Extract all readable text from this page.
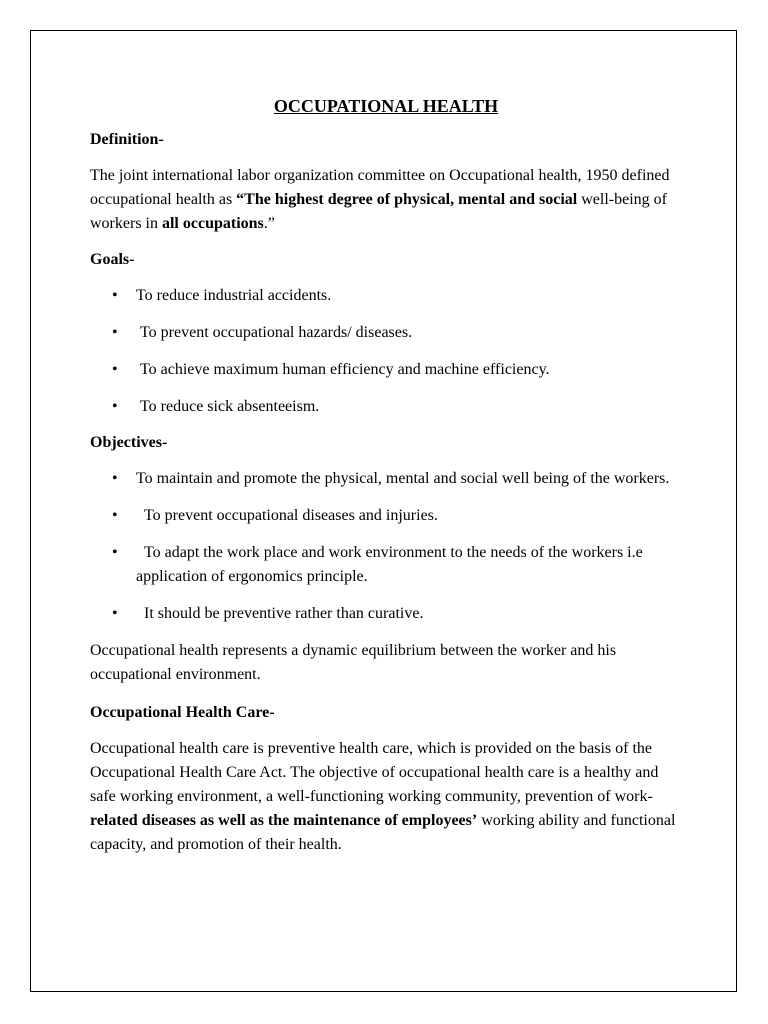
OCCUPATIONAL HEALTH
Definition-

The joint international labor organization committee on Occupational health, 1950 defined occupational health as “The highest degree of physical, mental and social well-being of workers in all occupations.”

Goals-
• To reduce industrial accidents.
• To prevent occupational hazards/ diseases.
• To achieve maximum human efficiency and machine efficiency.
• To reduce sick absenteeism.
Objectives-
• To maintain and promote the physical, mental and social well being of the workers.
• To prevent occupational diseases and injuries.
•	To adapt the work place and work environment to the needs of the workers i.e application of ergonomics principle.
• It should be preventive rather than curative.

Occupational health represents a dynamic equilibrium between the worker and his occupational environment.

Occupational Health Care-

Occupational health care is preventive health care, which is provided on the basis of the Occupational Health Care Act. The objective of occupational health care is a healthy and safe working environment, a well-functioning working community, prevention of work-related diseases as well as the maintenance of employees’ working ability and functional capacity, and promotion of their health.
